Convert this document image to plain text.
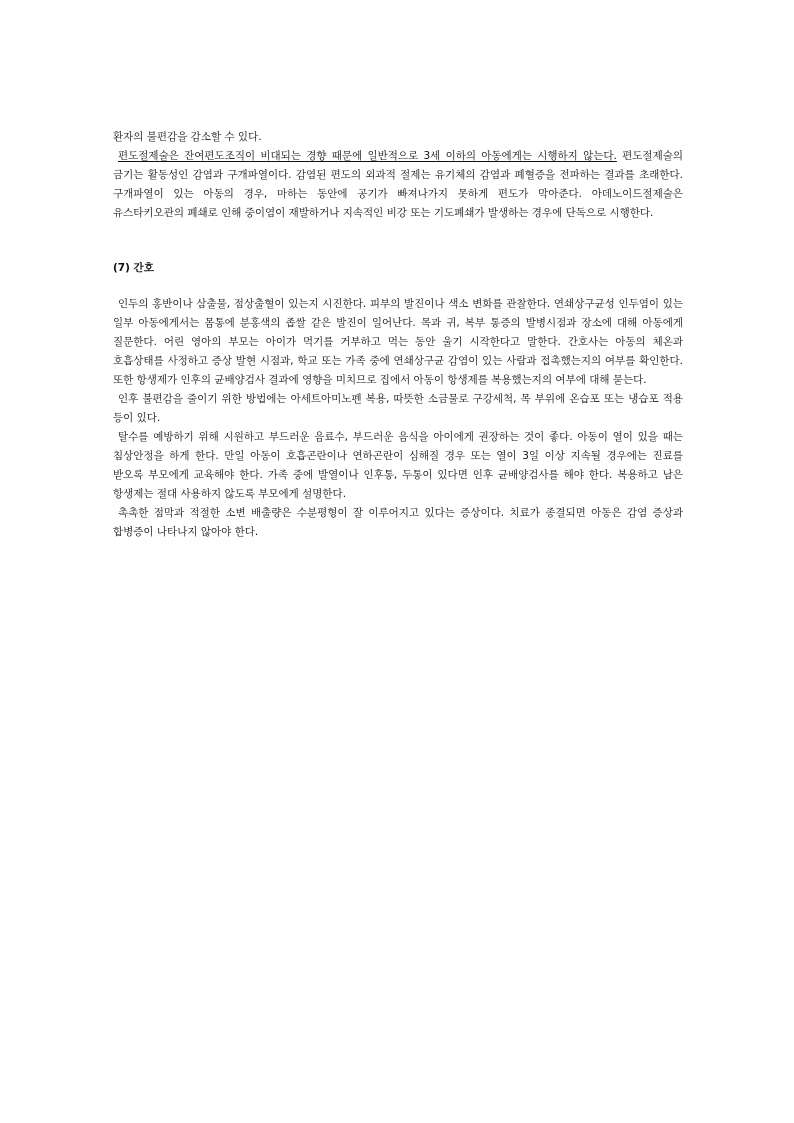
환자의 불편감을 감소할 수 있다.

편도절제술은 잔여편도조직이 비대되는 경향 때문에 일반적으로 3세 이하의 아동에게는 시행하지 않는다. 편도절제술의 금기는 활동성인 감염과 구개파열이다. 감염된 편도의 외과적 절제는 유기체의 감염과 폐혈증을 전파하는 결과를 초래한다. 구개파열이 있는 아동의 경우, 마하는 동안에 공기가 빠져나가지 못하게 편도가 막아준다. 아데노이드절제술은 유스타키오관의 폐쇄로 인해 중이염이 재발하거나 지속적인 비강 또는 기도폐쇄가 발생하는 경우에 단독으로 시행한다.

(7) 간호

인두의 홍반이나 삼출물, 점상출혈이 있는지 시진한다. 피부의 발진이나 색소 변화를 관찰한다. 연쇄상구균성 인두염이 있는 일부 아동에게서는 몸통에 분홍색의 좁쌀 같은 발진이 일어난다. 목과 귀, 복부 통증의 발병시점과 장소에 대해 아동에게 질문한다. 어린 영아의 부모는 아이가 먹기를 거부하고 먹는 동안 울기 시작한다고 말한다. 간호사는 아동의 체온과 호흡상태를 사정하고 증상 발현 시점과, 학교 또는 가족 중에 연쇄상구균 감염이 있는 사람과 접촉했는지의 여부를 확인한다. 또한 항생제가 인후의 균배양검사 결과에 영향을 미치므로 집에서 아동이 항생제를 복용했는지의 여부에 대해 묻는다.

인후 불편감을 줄이기 위한 방법에는 아세트아미노펜 복용, 따뜻한 소금물로 구강세척, 목 부위에 온습포 또는 냉습포 적용 등이 있다.

탈수를 예방하기 위해 시원하고 부드러운 음료수, 부드러운 음식을 아이에게 권장하는 것이 좋다. 아동이 열이 있을 때는 침상안정을 하게 한다. 만일 아동이 호흡곤란이나 연하곤란이 심해질 경우 또는 열이 3일 이상 지속될 경우에는 진료를 받오록 부모에게 교육해야 한다. 가족 중에 발열이나 인후통, 두통이 있다면 인후 균배양검사를 해야 한다. 복용하고 남은 항생제는 절대 사용하지 않도록 부모에게 설명한다.

촉촉한 점막과 적절한 소변 배출량은 수분평형이 잘 이루어지고 있다는 증상이다. 치료가 종결되면 아동은 감염 증상과 합병증이 나타나지 않아야 한다.
